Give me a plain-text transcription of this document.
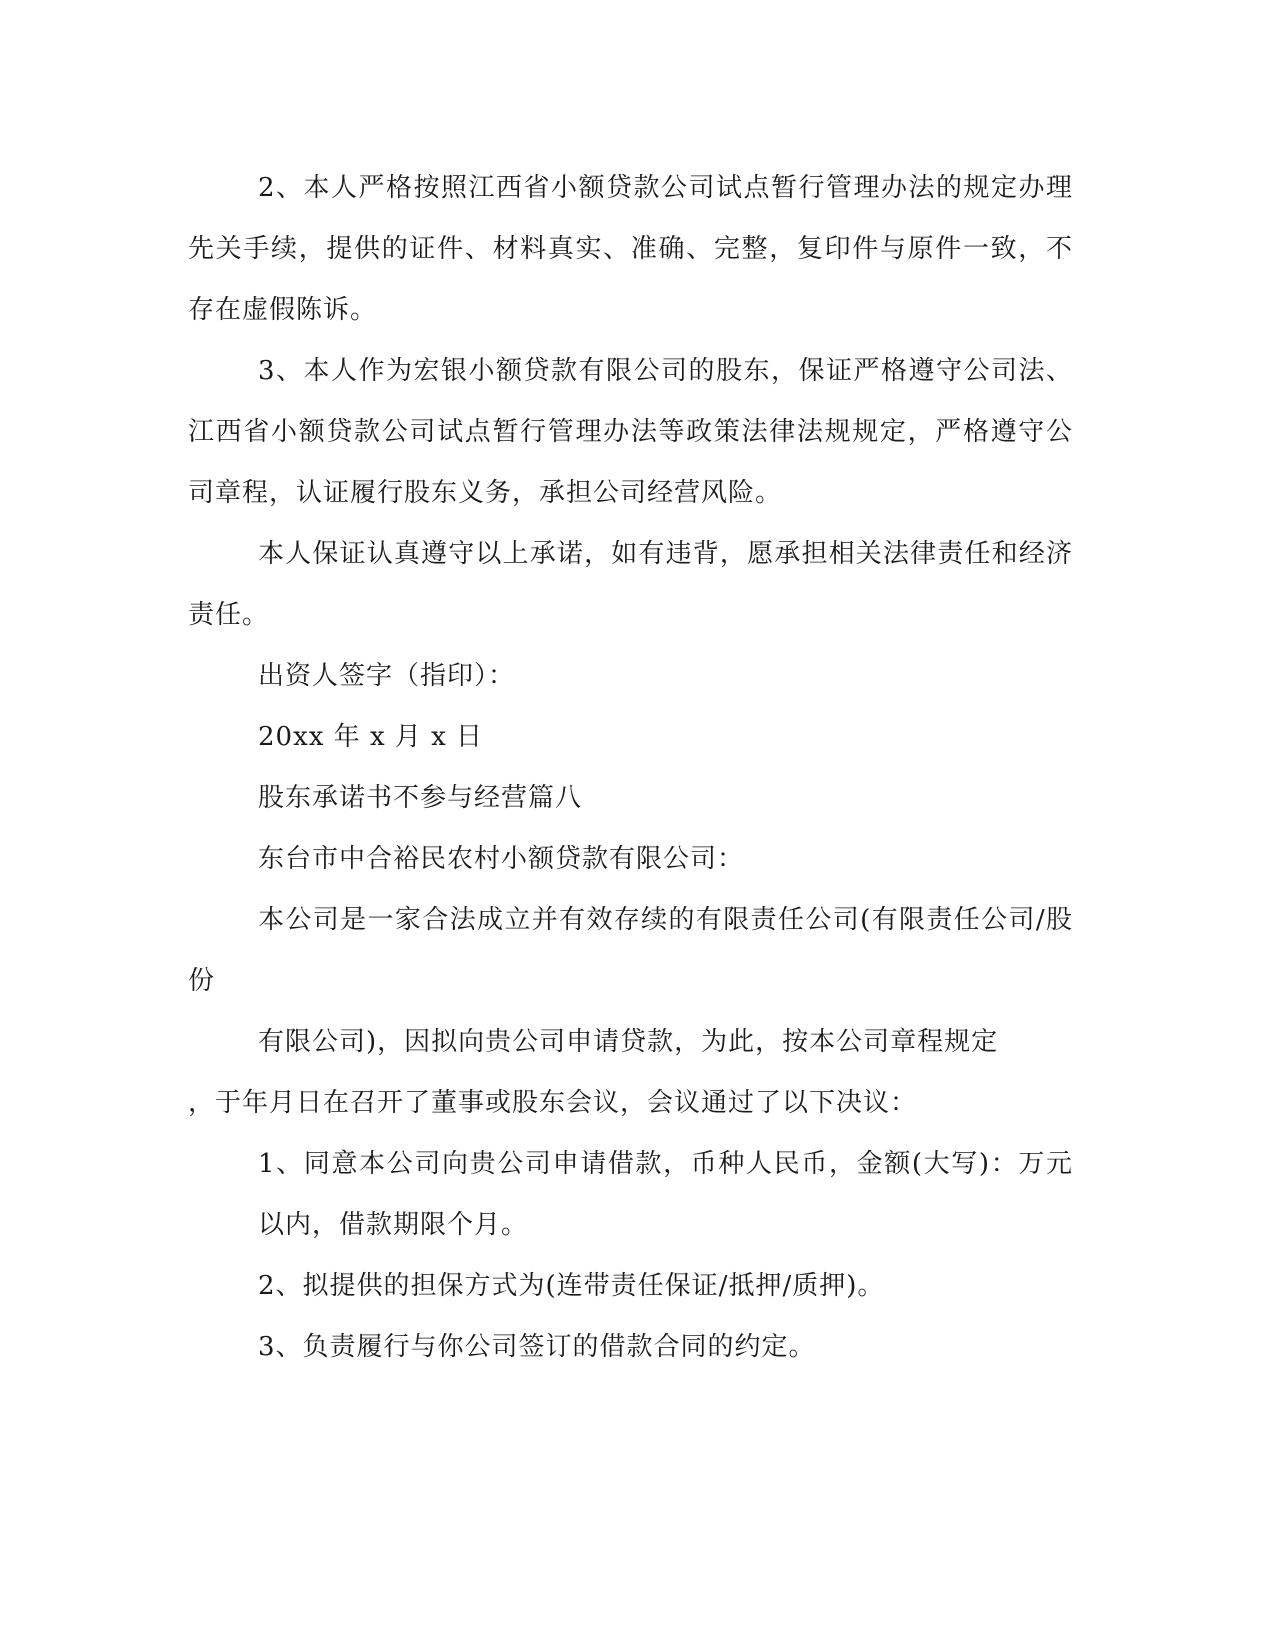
2、本人严格按照江西省小额贷款公司试点暂行管理办法的规定办理先关手续，提供的证件、材料真实、准确、完整，复印件与原件一致，不存在虚假陈诉。

3、本人作为宏银小额贷款有限公司的股东，保证严格遵守公司法、江西省小额贷款公司试点暂行管理办法等政策法律法规规定，严格遵守公司章程，认证履行股东义务，承担公司经营风险。

本人保证认真遵守以上承诺，如有违背，愿承担相关法律责任和经济责任。

出资人签字（指印）：

20xx 年 x 月 x 日

股东承诺书不参与经营篇八

东台市中合裕民农村小额贷款有限公司：

本公司是一家合法成立并有效存续的有限责任公司(有限责任公司/股份

有限公司)，因拟向贵公司申请贷款，为此，按本公司章程规定

，于年月日在召开了董事或股东会议，会议通过了以下决议：

1、同意本公司向贵公司申请借款，币种人民币，金额(大写)：万元以内，借款期限个月。

2、拟提供的担保方式为(连带责任保证/抵押/质押)。

3、负责履行与你公司签订的借款合同的约定。
